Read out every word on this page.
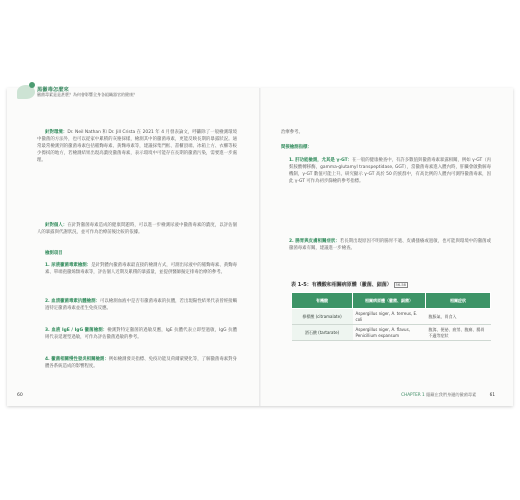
黑黴毒怎麼來
黴菌毒素是是甚麼？為何會影響全身各組織器官的健康？
針對環境：Dr. Neil Nathan 和 Dr. Jill Crista 在 2021 年 4 月發表論文，呼籲除了一般檢測環境中黴菌的方法外，也可以從家中累積的灰塵採樣，檢測其中的黴菌毒素，更能反映長期的暴露狀況。通常最常檢測到的黴菌毒素包括赭麴毒素、黃麴毒素等，建議採集門框、書櫃頂端、冰箱上方、衣櫃等較少擦拭的地方，若檢測結果出現高濃度黴菌毒素，表示環境中可能存在長期的黴菌污染，需要進一步處理。
針對個人：在針對黴菌毒素造成的健康問題時，可以進一步檢測尿液中黴菌毒素的濃度，以評估個人的暴露與代謝狀況，並可作為治療前後比較的依據。
檢測項目
1. 尿液黴菌毒素檢測：是針對體內黴菌毒素最直接的檢測方式，可測出尿液中的赭麴毒素、黃麴毒素、單端孢黴烯類毒素等，評估個人近期及累積的暴露量，並提供醫師擬定排毒治療的參考。
2. 血清黴菌毒素抗體檢測：可以檢測血液中是否有黴菌毒素的抗體，若出現陽性結果代表曾經接觸過特定黴菌毒素並產生免疫反應。
3. 血液 IgE / IgG 黴菌檢測：檢測對特定黴菌的過敏反應，IgE 抗體代表立即型過敏，IgG 抗體則代表延遲型過敏，可作為評估黴菌過敏的參考。
4. 黴菌相關慢性發炎相關檢測：例如檢測發炎指標、免疫功能及荷爾蒙變化等，了解黴菌毒素對身體各系統造成的影響程度。
60
治療參考。
間接檢測指標：
1. 肝功能檢測，尤其是 γ-GT：在一般的健康檢查中，有許多數值與黴菌毒素暴露相關，例如 γ-GT（丙麩胺酸轉移酶，gamma-glutamyl transpeptidase, GGT），當黴菌毒素進入體內時，肝臟會啟動解毒機制，γ-GT 數值可能上升。研究顯示 γ-GT 高於 50 的族群中，有高比例的人體內可測得黴菌毒素，因此 γ-GT 可作為初步篩檢的參考指標。
2. 腸胃與皮膚相關症狀：若長期出現原因不明的腸胃不適、皮膚搔癢或過敏，也可能與環境中的黴菌或黴菌毒素有關，建議進一步檢查。
表 1-5：有機酸和相關病原體（黴菌、細菌） 56-58
有機酸	相關病原體（黴菌、細菌）	相關症狀
檸檬酸 (citramalate)	Aspergillus niger, A. terreus, E. coli	腹脹氣、胃食入
酒石酸 (tartarate)	Aspergillus niger, A. flavus, Penicillium expansum	腹瀉、便祕、疲勞、腹痛、腸胃不適等症狀
CHAPTER 1 隱藏在我們身邊的黴菌毒素	61
